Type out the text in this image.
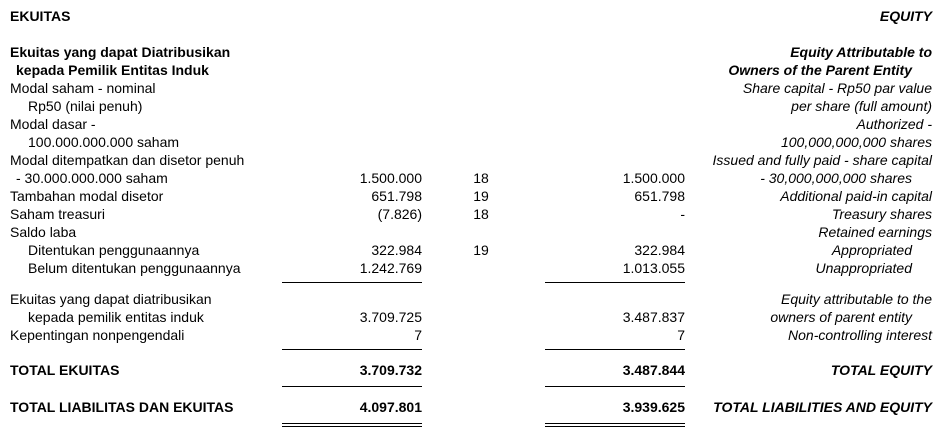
EKUITAS	EQUITY
Ekuitas yang dapat Diatribusikan	Equity Attributable to
kepada Pemilik Entitas Induk	Owners of the Parent Entity
Modal saham - nominal	Share capital - Rp50 par value
Rp50 (nilai penuh)	per share (full amount)
Modal dasar -	Authorized -
100.000.000.000 saham	100,000,000,000 shares
Modal ditempatkan dan disetor penuh	Issued and fully paid - share capital
- 30.000.000.000 saham	1.500.000	18	1.500.000	- 30,000,000,000 shares
Tambahan modal disetor	651.798	19	651.798	Additional paid-in capital
Saham treasuri	(7.826)	18	-	Treasury shares
Saldo laba	Retained earnings
Ditentukan penggunaannya	322.984	19	322.984	Appropriated
Belum ditentukan penggunaannya	1.242.769	1.013.055	Unappropriated
Ekuitas yang dapat diatribusikan	Equity attributable to the
kepada pemilik entitas induk	3.709.725	3.487.837	owners of parent entity
Kepentingan nonpengendali	7	7	Non-controlling interest
TOTAL EKUITAS	3.709.732	3.487.844	TOTAL EQUITY
TOTAL LIABILITAS DAN EKUITAS	4.097.801	3.939.625 TOTAL LIABILITIES AND EQUITY
